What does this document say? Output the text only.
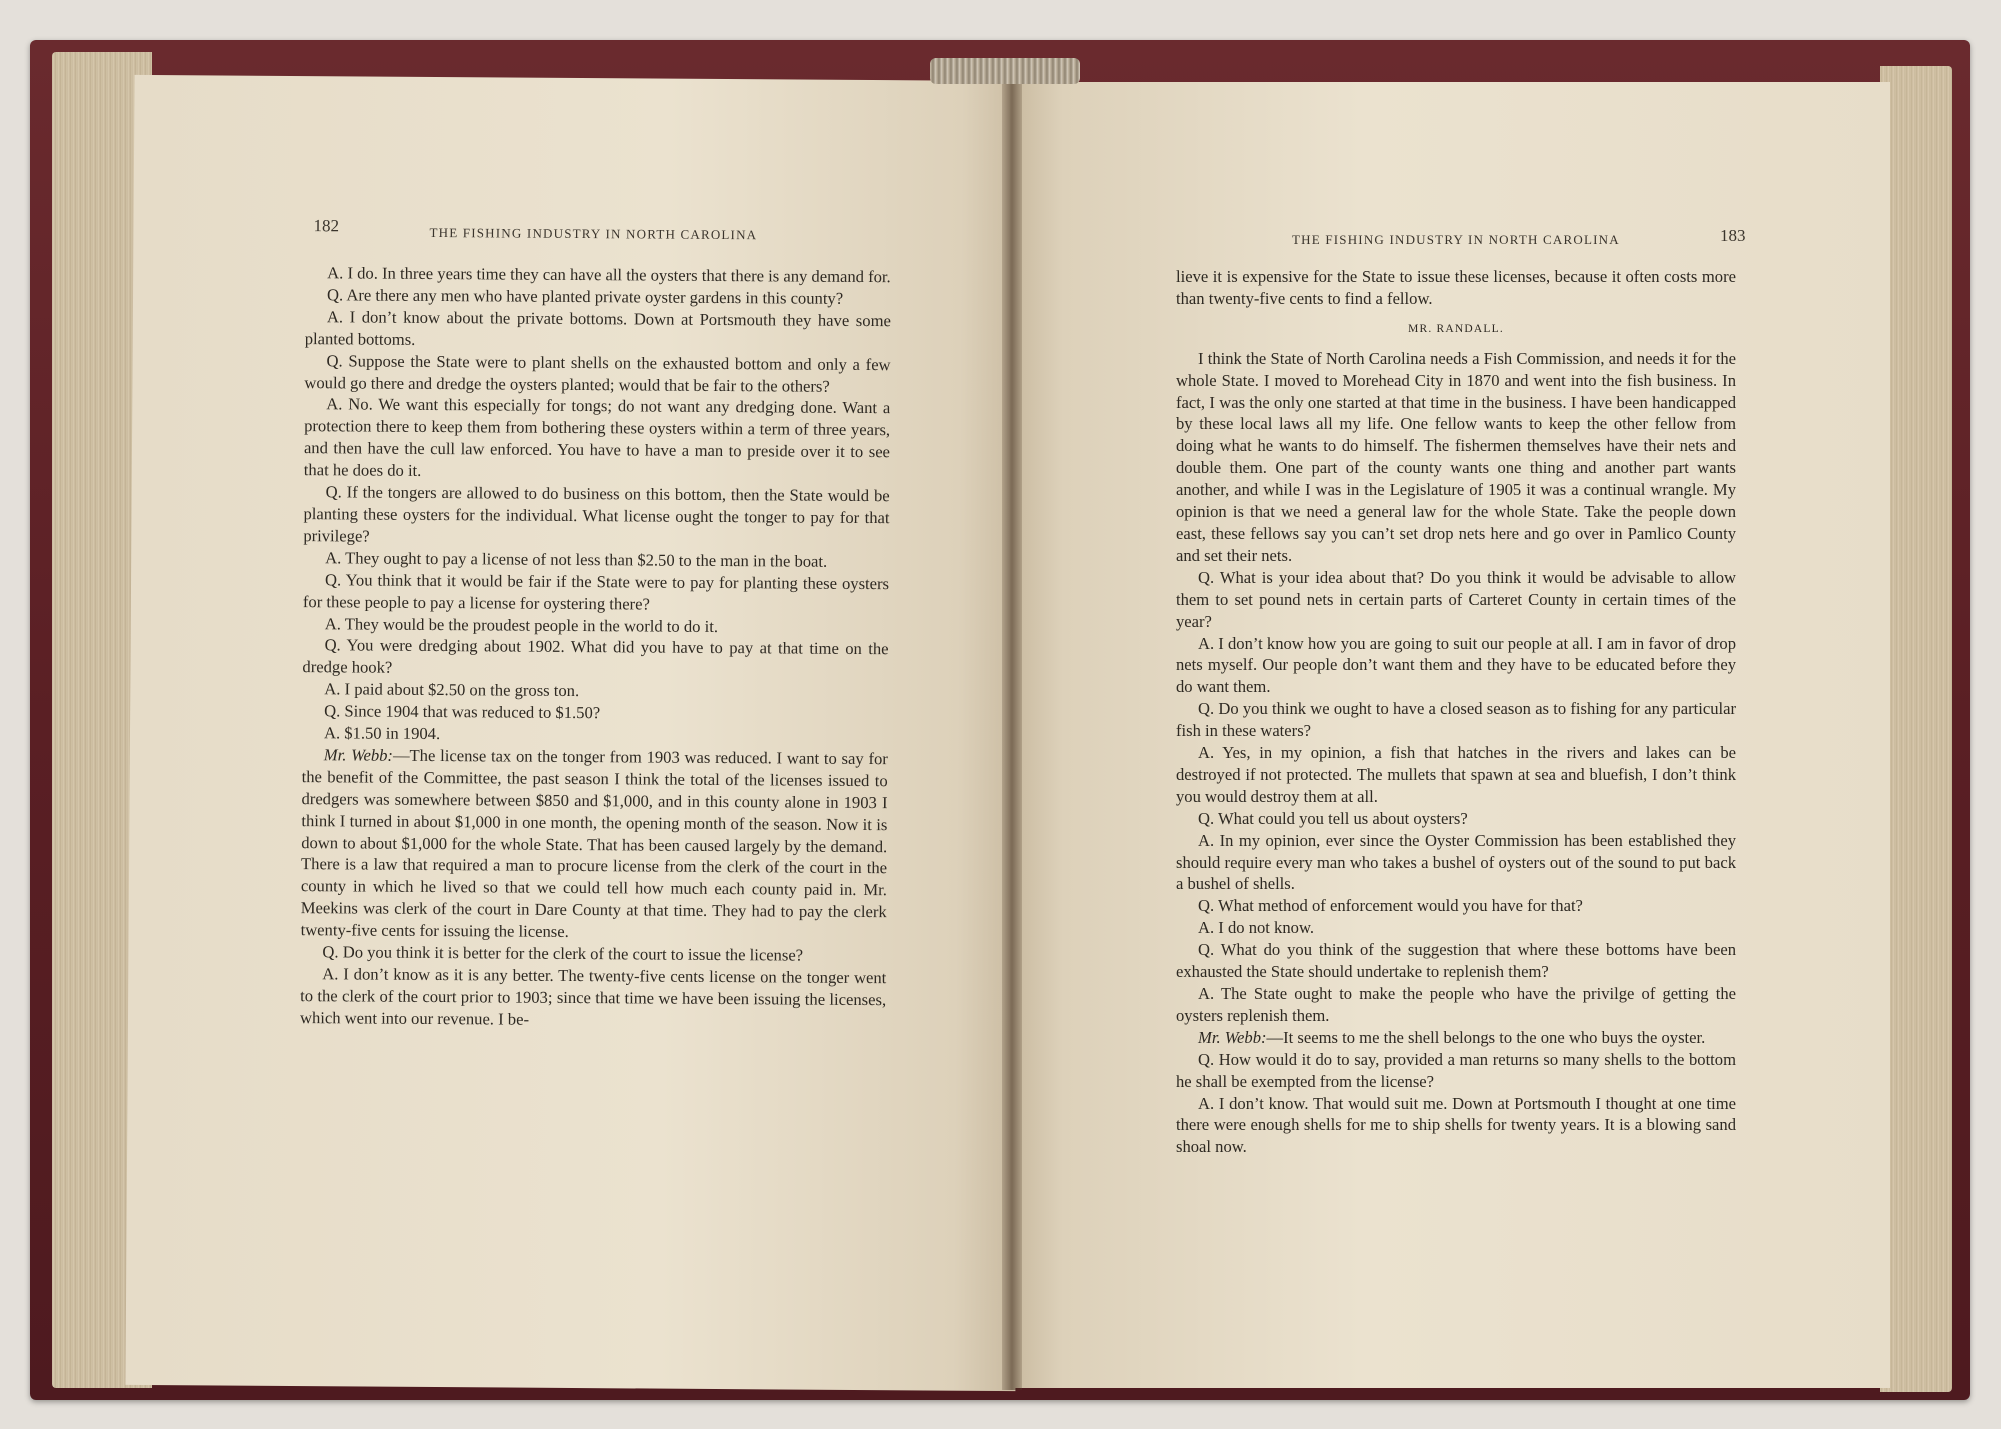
182	THE FISHING INDUSTRY IN NORTH CAROLINA

A. I do. In three years time they can have all the oysters that there is any demand for.

Q. Are there any men who have planted private oyster gardens in this county?

A. I don’t know about the private bottoms. Down at Portsmouth they have some planted bottoms.

Q. Suppose the State were to plant shells on the exhausted bottom and only a few would go there and dredge the oysters planted; would that be fair to the others?

A. No. We want this especially for tongs; do not want any dredging done. Want a protection there to keep them from bothering these oysters within a term of three years, and then have the cull law enforced. You have to have a man to preside over it to see that he does do it.

Q. If the tongers are allowed to do business on this bottom, then the State would be planting these oysters for the individual. What license ought the tonger to pay for that privilege?

A. They ought to pay a license of not less than $2.50 to the man in the boat.

Q. You think that it would be fair if the State were to pay for planting these oysters for these people to pay a license for oystering there?

A. They would be the proudest people in the world to do it.

Q. You were dredging about 1902. What did you have to pay at that time on the dredge hook?

A. I paid about $2.50 on the gross ton.

Q. Since 1904 that was reduced to $1.50?

A. $1.50 in 1904.

Mr. Webb:—The license tax on the tonger from 1903 was reduced. I want to say for the benefit of the Committee, the past season I think the total of the licenses issued to dredgers was somewhere between $850 and $1,000, and in this county alone in 1903 I think I turned in about $1,000 in one month, the opening month of the season. Now it is down to about $1,000 for the whole State. That has been caused largely by the demand. There is a law that required a man to procure license from the clerk of the court in the county in which he lived so that we could tell how much each county paid in. Mr. Meekins was clerk of the court in Dare County at that time. They had to pay the clerk twenty-five cents for issuing the license.

Q. Do you think it is better for the clerk of the court to issue the license?

A. I don’t know as it is any better. The twenty-five cents license on the tonger went to the clerk of the court prior to 1903; since that time we have been issuing the licenses, which went into our revenue. I be-

THE FISHING INDUSTRY IN NORTH CAROLINA	183

lieve it is expensive for the State to issue these licenses, because it often costs more than twenty-five cents to find a fellow.

MR. RANDALL.

I think the State of North Carolina needs a Fish Commission, and needs it for the whole State. I moved to Morehead City in 1870 and went into the fish business. In fact, I was the only one started at that time in the business. I have been handicapped by these local laws all my life. One fellow wants to keep the other fellow from doing what he wants to do himself. The fishermen themselves have their nets and double them. One part of the county wants one thing and another part wants another, and while I was in the Legislature of 1905 it was a continual wrangle. My opinion is that we need a general law for the whole State. Take the people down east, these fellows say you can’t set drop nets here and go over in Pamlico County and set their nets.

Q. What is your idea about that? Do you think it would be advisable to allow them to set pound nets in certain parts of Carteret County in certain times of the year?

A. I don’t know how you are going to suit our people at all. I am in favor of drop nets myself. Our people don’t want them and they have to be educated before they do want them.

Q. Do you think we ought to have a closed season as to fishing for any particular fish in these waters?

A. Yes, in my opinion, a fish that hatches in the rivers and lakes can be destroyed if not protected. The mullets that spawn at sea and bluefish, I don’t think you would destroy them at all.

Q. What could you tell us about oysters?

A. In my opinion, ever since the Oyster Commission has been established they should require every man who takes a bushel of oysters out of the sound to put back a bushel of shells.

Q. What method of enforcement would you have for that?

A. I do not know.

Q. What do you think of the suggestion that where these bottoms have been exhausted the State should undertake to replenish them?

A. The State ought to make the people who have the privilge of getting the oysters replenish them.

Mr. Webb:—It seems to me the shell belongs to the one who buys the oyster.

Q. How would it do to say, provided a man returns so many shells to the bottom he shall be exempted from the license?

A. I don’t know. That would suit me. Down at Portsmouth I thought at one time there were enough shells for me to ship shells for twenty years. It is a blowing sand shoal now.
